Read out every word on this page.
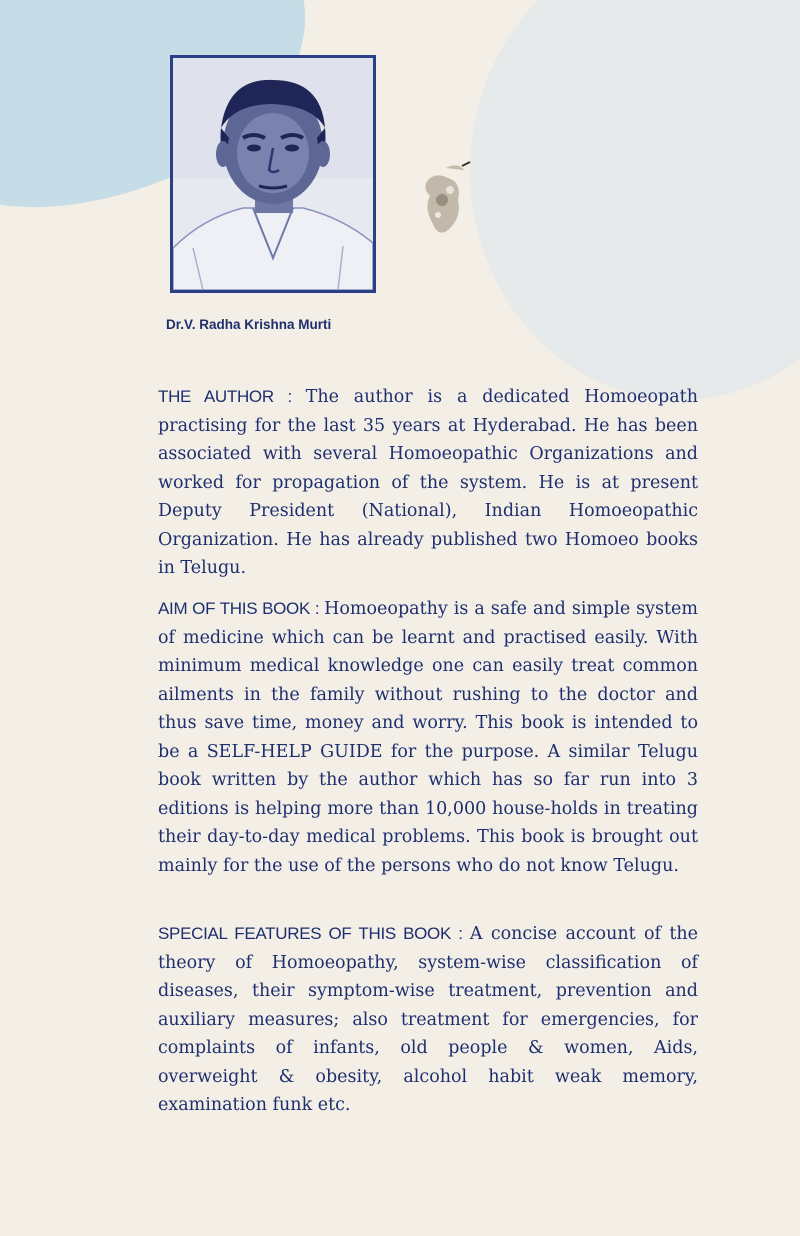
Dr.V. Radha Krishna Murti
THE AUTHOR : The author is a dedicated Homoeopath practising for the last 35 years at Hyderabad. He has been associated with several Homoeopathic Organizations and worked for propagation of the system. He is at present Deputy President (National), Indian Homoeopathic Organization. He has already published two Homoeo books in Telugu.
AIM OF THIS BOOK : Homoeopathy is a safe and simple system of medicine which can be learnt and practised easily. With minimum medical knowledge one can easily treat common ailments in the family without rushing to the doctor and thus save time, money and worry. This book is intended to be a SELF-HELP GUIDE for the purpose. A similar Telugu book written by the author which has so far run into 3 editions is helping more than 10,000 house-holds in treating their day-to-day medical problems. This book is brought out mainly for the use of the persons who do not know Telugu.
SPECIAL FEATURES OF THIS BOOK : A concise account of the theory of Homoeopathy, system-wise classification of diseases, their symptom-wise treatment, prevention and auxiliary measures; also treatment for emergencies, for complaints of infants, old people & women, Aids, overweight & obesity, alcohol habit weak memory, examination funk etc.
